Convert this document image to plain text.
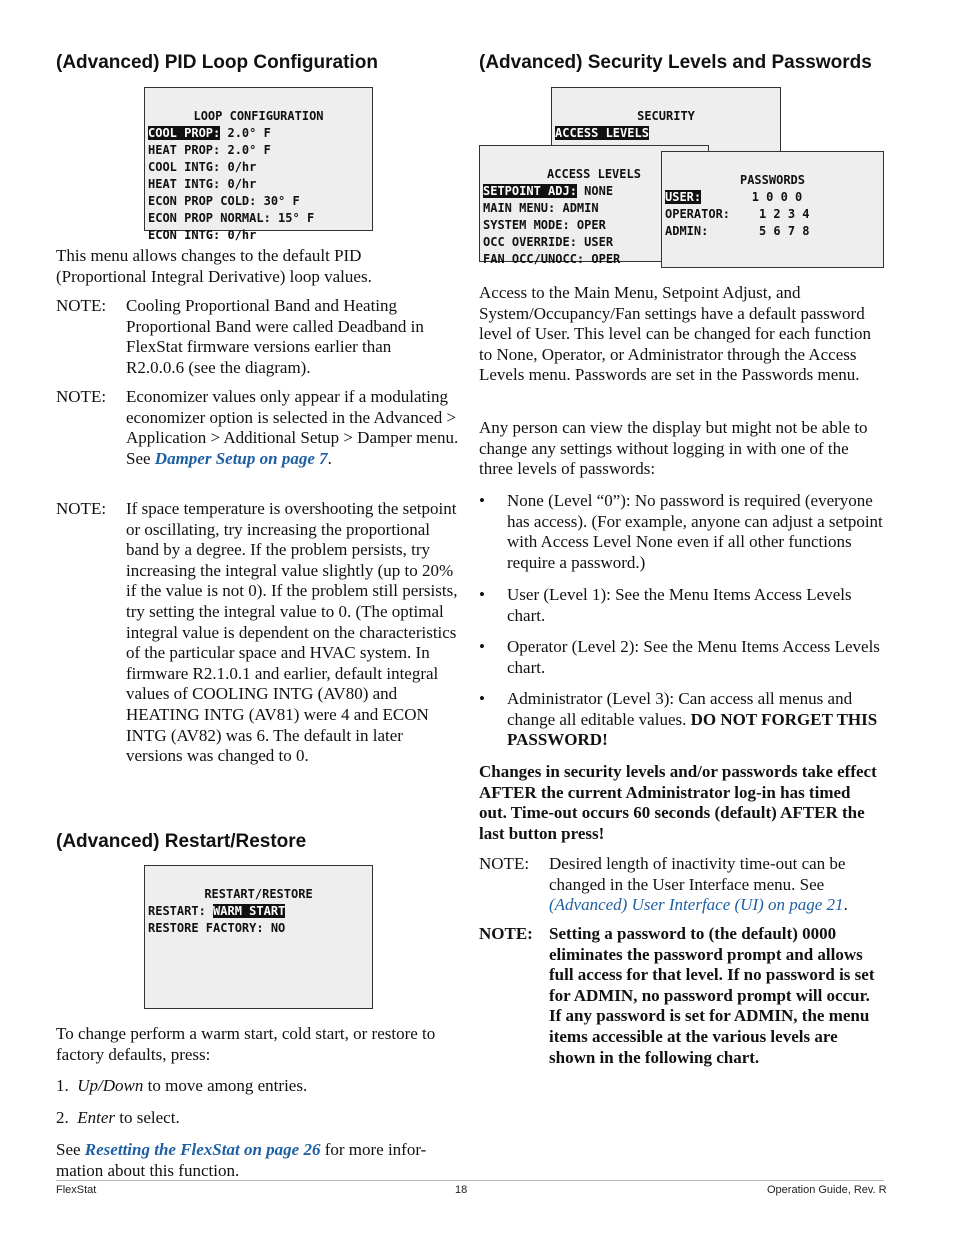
(Advanced) PID Loop Configuration

LOOP CONFIGURATION
COOL PROP: 2.0° F
HEAT PROP: 2.0° F
COOL INTG: 0/hr
HEAT INTG: 0/hr
ECON PROP COLD: 30° F
ECON PROP NORMAL: 15° F
ECON INTG: 0/hr

This menu allows changes to the default PID (Proportional Integral Derivative) loop values.

NOTE: Cooling Proportional Band and Heating Proportional Band were called Deadband in FlexStat firmware versions earlier than R2.0.0.6 (see the diagram).
NOTE: Economizer values only appear if a modulating economizer option is selected in the Advanced > Application > Additional Setup > Damper menu. See Damper Setup on page 7.
NOTE: If space temperature is overshooting the setpoint or oscillating, try increasing the proportional band by a degree. If the problem persists, try increasing the integral value slightly (up to 20% if the value is not 0). If the problem still persists, try setting the integral value to 0. (The optimal integral value is dependent on the characteristics of the particular space and HVAC system. In firmware R2.1.0.1 and earlier, default integral values of COOLING INTG (AV80) and HEATING INTG (AV81) were 4 and ECON INTG (AV82) was 6. The default in later versions was changed to 0.
(Advanced) Restart/Restore

RESTART/RESTORE
RESTART: WARM START
RESTORE FACTORY: NO

To change perform a warm start, cold start, or restore to factory defaults, press:

1. Up/Down to move among entries.
2. Enter to select.
See Resetting the FlexStat on page 26 for more infor-mation about this function.
(Advanced) Security Levels and Passwords

SECURITY
ACCESS LEVELS

ACCESS LEVELS
SETPOINT ADJ: NONE
MAIN MENU: ADMIN
SYSTEM MODE: OPER
OCC OVERRIDE: USER
FAN OCC/UNOCC: OPER

PASSWORDS
USER:	1 0 0 0
OPERATOR: 1 2 3 4
ADMIN:	5 6 7 8

Access to the Main Menu, Setpoint Adjust, and System/Occupancy/Fan settings have a default password level of User. This level can be changed for each function to None, Operator, or Administrator through the Access Levels menu. Passwords are set in the Passwords menu.

Any person can view the display but might not be able to change any settings without logging in with one of the three levels of passwords:

• None (Level “0”): No password is required (everyone has access). (For example, anyone can adjust a setpoint with Access Level None even if all other functions require a password.)
• User (Level 1): See the Menu Items Access Levels chart.
• Operator (Level 2): See the Menu Items Access Levels chart.
• Administrator (Level 3): Can access all menus and change all editable values. DO NOT FORGET THIS PASSWORD!

Changes in security levels and/or passwords take effect AFTER the current Administrator log-in has timed out. Time-out occurs 60 seconds (default) AFTER the last button press!

NOTE: Desired length of inactivity time-out can be changed in the User Interface menu. See (Advanced) User Interface (UI) on page 21.
NOTE: Setting a password to (the default) 0000 eliminates the password prompt and allows full access for that level. If no password is set for ADMIN, no password prompt will occur. If any password is set for ADMIN, the menu items accessible at the various levels are shown in the following chart.
FlexStat	18	Operation Guide, Rev. R
